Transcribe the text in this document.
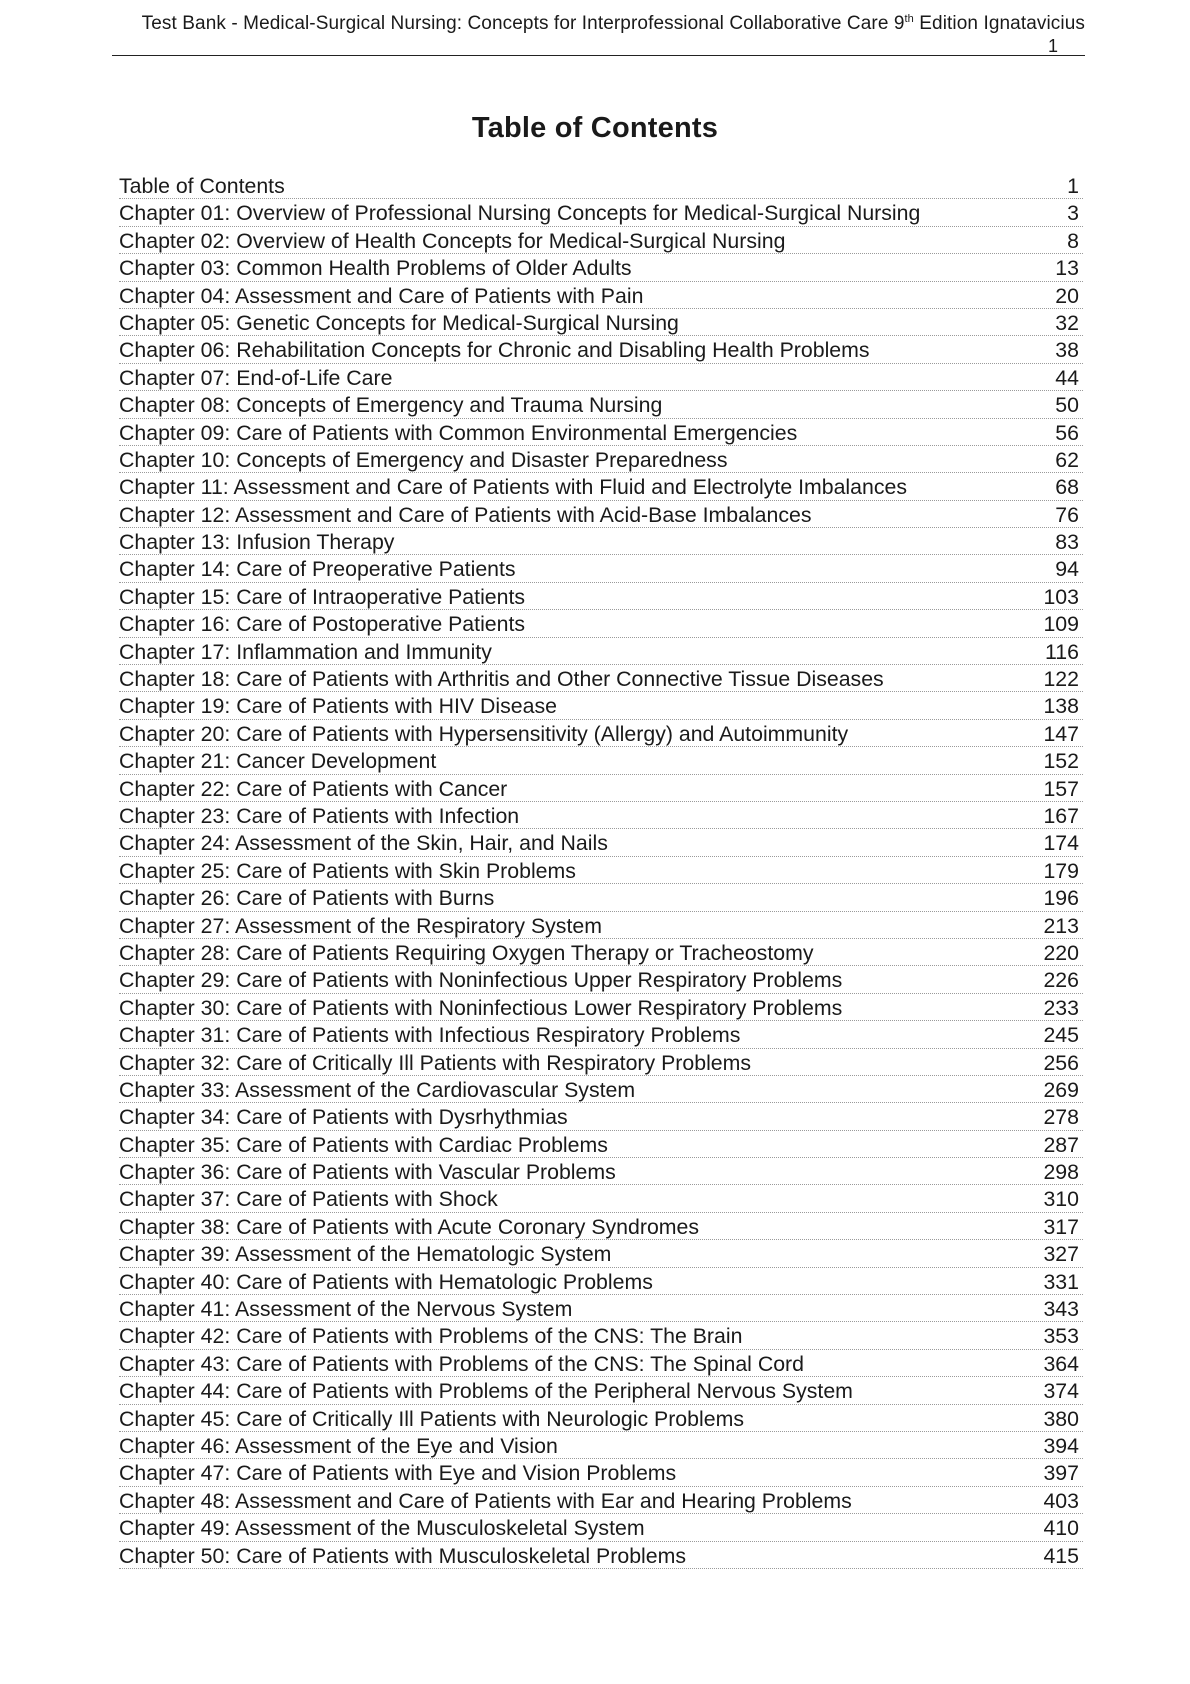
Test Bank - Medical-Surgical Nursing: Concepts for Interprofessional Collaborative Care 9th Edition Ignatavicius
1
Table of Contents
Table of Contents	1
Chapter 01: Overview of Professional Nursing Concepts for Medical-Surgical Nursing	3
Chapter 02: Overview of Health Concepts for Medical-Surgical Nursing	8
Chapter 03: Common Health Problems of Older Adults	13
Chapter 04: Assessment and Care of Patients with Pain	20
Chapter 05: Genetic Concepts for Medical-Surgical Nursing	32
Chapter 06: Rehabilitation Concepts for Chronic and Disabling Health Problems	38
Chapter 07: End-of-Life Care	44
Chapter 08: Concepts of Emergency and Trauma Nursing	50
Chapter 09: Care of Patients with Common Environmental Emergencies	56
Chapter 10: Concepts of Emergency and Disaster Preparedness	62
Chapter 11: Assessment and Care of Patients with Fluid and Electrolyte Imbalances	68
Chapter 12: Assessment and Care of Patients with Acid-Base Imbalances	76
Chapter 13: Infusion Therapy	83
Chapter 14: Care of Preoperative Patients	94
Chapter 15: Care of Intraoperative Patients	103
Chapter 16: Care of Postoperative Patients	109
Chapter 17: Inflammation and Immunity	116
Chapter 18: Care of Patients with Arthritis and Other Connective Tissue Diseases	122
Chapter 19: Care of Patients with HIV Disease	138
Chapter 20: Care of Patients with Hypersensitivity (Allergy) and Autoimmunity	147
Chapter 21: Cancer Development	152
Chapter 22: Care of Patients with Cancer	157
Chapter 23: Care of Patients with Infection	167
Chapter 24: Assessment of the Skin, Hair, and Nails	174
Chapter 25: Care of Patients with Skin Problems	179
Chapter 26: Care of Patients with Burns	196
Chapter 27: Assessment of the Respiratory System	213
Chapter 28: Care of Patients Requiring Oxygen Therapy or Tracheostomy	220
Chapter 29: Care of Patients with Noninfectious Upper Respiratory Problems	226
Chapter 30: Care of Patients with Noninfectious Lower Respiratory Problems	233
Chapter 31: Care of Patients with Infectious Respiratory Problems	245
Chapter 32: Care of Critically Ill Patients with Respiratory Problems	256
Chapter 33: Assessment of the Cardiovascular System	269
Chapter 34: Care of Patients with Dysrhythmias	278
Chapter 35: Care of Patients with Cardiac Problems	287
Chapter 36: Care of Patients with Vascular Problems	298
Chapter 37: Care of Patients with Shock	310
Chapter 38: Care of Patients with Acute Coronary Syndromes	317
Chapter 39: Assessment of the Hematologic System	327
Chapter 40: Care of Patients with Hematologic Problems	331
Chapter 41: Assessment of the Nervous System	343
Chapter 42: Care of Patients with Problems of the CNS: The Brain	353
Chapter 43: Care of Patients with Problems of the CNS: The Spinal Cord	364
Chapter 44: Care of Patients with Problems of the Peripheral Nervous System	374
Chapter 45: Care of Critically Ill Patients with Neurologic Problems	380
Chapter 46: Assessment of the Eye and Vision	394
Chapter 47: Care of Patients with Eye and Vision Problems	397
Chapter 48: Assessment and Care of Patients with Ear and Hearing Problems	403
Chapter 49: Assessment of the Musculoskeletal System	410
Chapter 50: Care of Patients with Musculoskeletal Problems	415
